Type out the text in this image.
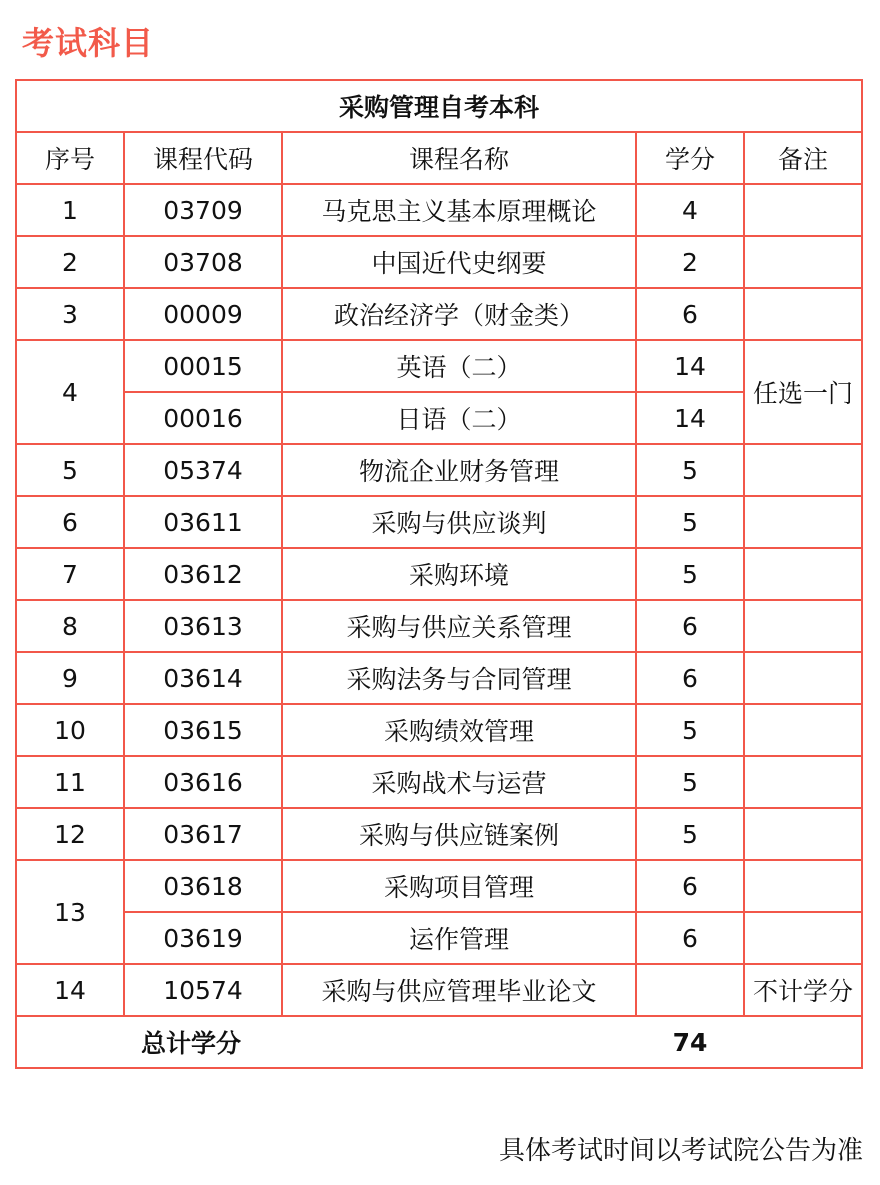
考试科目
采购管理自考本科				
序号	课程代码	课程名称	学分	备注
1	03709	马克思主义基本原理概论	4	
2	03708	中国近代史纲要	2	
3	00009	政治经济学（财金类）	6	
4	00015	英语（二）	14	任选一门
	00016	日语（二）	14	
5	05374	物流企业财务管理	5	
6	03611	采购与供应谈判	5	
7	03612	采购环境	5	
8	03613	采购与供应关系管理	6	
9	03614	采购法务与合同管理	6	
10	03615	采购绩效管理	5	
11	03616	采购战术与运营	5	
12	03617	采购与供应链案例	5	
13	03618	采购项目管理	6	
	03619	运作管理	6	
14	10574	采购与供应管理毕业论文		不计学分
总计学分			74	
具体考试时间以考试院公告为准
